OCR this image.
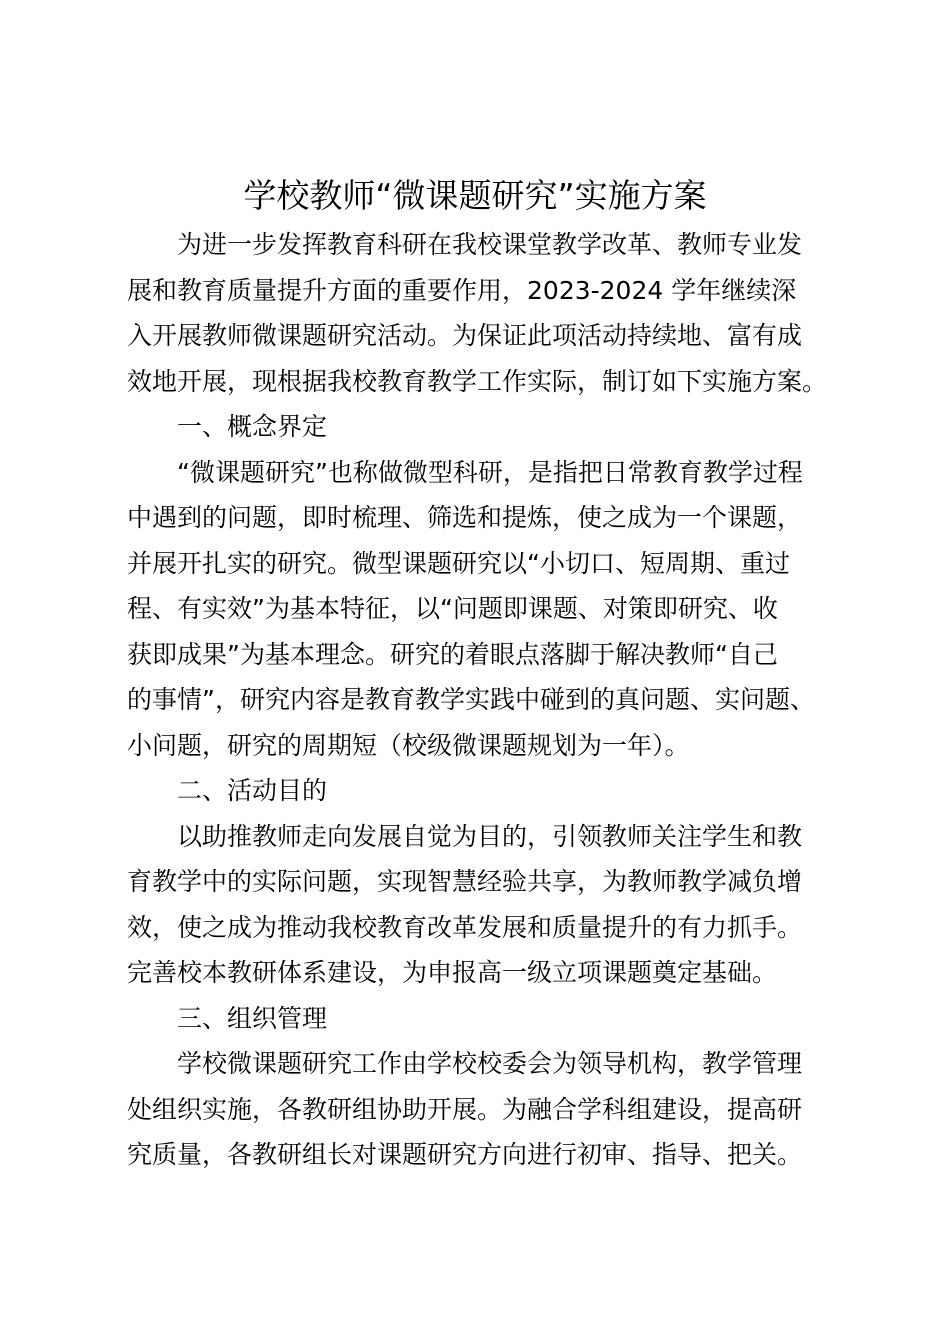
学校教师“微课题研究”实施方案
为进一步发挥教育科研在我校课堂教学改革、教师专业发
展和教育质量提升方面的重要作用，2023-2024 学年继续深
入开展教师微课题研究活动。为保证此项活动持续地、富有成
效地开展，现根据我校教育教学工作实际，制订如下实施方案。
一、概念界定
“微课题研究”也称做微型科研，是指把日常教育教学过程
中遇到的问题，即时梳理、筛选和提炼，使之成为一个课题，
并展开扎实的研究。微型课题研究以“小切口、短周期、重过
程、有实效”为基本特征，以“问题即课题、对策即研究、收
获即成果”为基本理念。研究的着眼点落脚于解决教师“自己
的事情”，研究内容是教育教学实践中碰到的真问题、实问题、
小问题，研究的周期短（校级微课题规划为一年）。
二、活动目的
以助推教师走向发展自觉为目的，引领教师关注学生和教
育教学中的实际问题，实现智慧经验共享，为教师教学减负增
效，使之成为推动我校教育改革发展和质量提升的有力抓手。
完善校本教研体系建设，为申报高一级立项课题奠定基础。
三、组织管理
学校微课题研究工作由学校校委会为领导机构，教学管理
处组织实施，各教研组协助开展。为融合学科组建设，提高研
究质量，各教研组长对课题研究方向进行初审、指导、把关。
